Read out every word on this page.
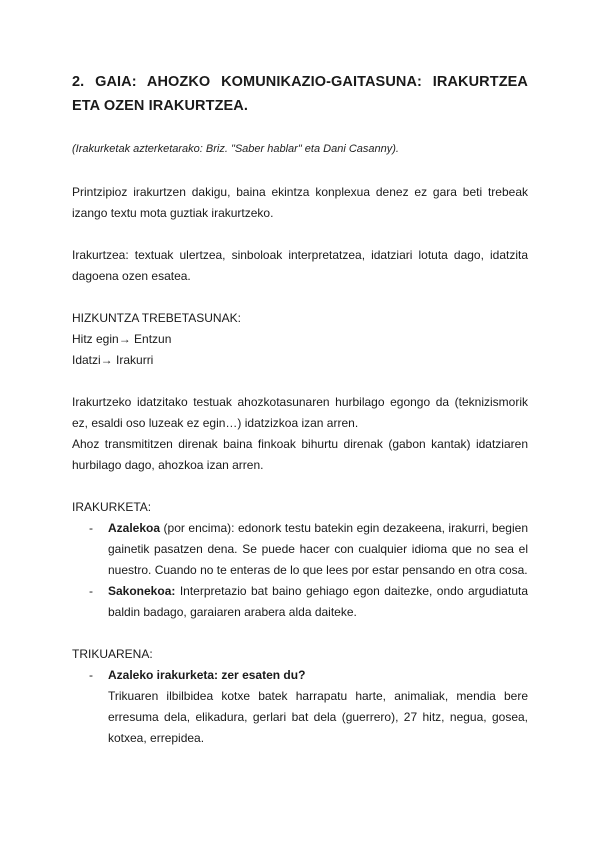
2. GAIA: AHOZKO KOMUNIKAZIO-GAITASUNA: IRAKURTZEA ETA OZEN IRAKURTZEA.
(Irakurketak azterketarako: Briz. "Saber hablar" eta Dani Casanny).

Printzipioz irakurtzen dakigu, baina ekintza konplexua denez ez gara beti trebeak izango textu mota guztiak irakurtzeko.

Irakurtzea: textuak ulertzea, sinboloak interpretatzea, idatziari lotuta dago, idatzita dagoena ozen esatea.

HIZKUNTZA TREBETASUNAK:
Hitz egin→ Entzun
Idatzi→ Irakurri

Irakurtzeko idatzitako testuak ahozkotasunaren hurbilago egongo da (teknizismorik ez, esaldi oso luzeak ez egin…) idatzizkoa izan arren.

Ahoz transmititzen direnak baina finkoak bihurtu direnak (gabon kantak) idatziaren hurbilago dago, ahozkoa izan arren.

IRAKURKETA:
- Azalekoa (por encima): edonork testu batekin egin dezakeena, irakurri, begien gainetik pasatzen dena. Se puede hacer con cualquier idioma que no sea el nuestro. Cuando no te enteras de lo que lees por estar pensando en otra cosa.
- Sakonekoa: Interpretazio bat baino gehiago egon daitezke, ondo argudiatuta baldin badago, garaiaren arabera alda daiteke.
TRIKUARENA:
- Azaleko irakurketa: zer esaten du?
Trikuaren ilbilbidea kotxe batek harrapatu harte, animaliak, mendia bere erresuma dela, elikadura, gerlari bat dela (guerrero), 27 hitz, negua, gosea, kotxea, errepidea.
